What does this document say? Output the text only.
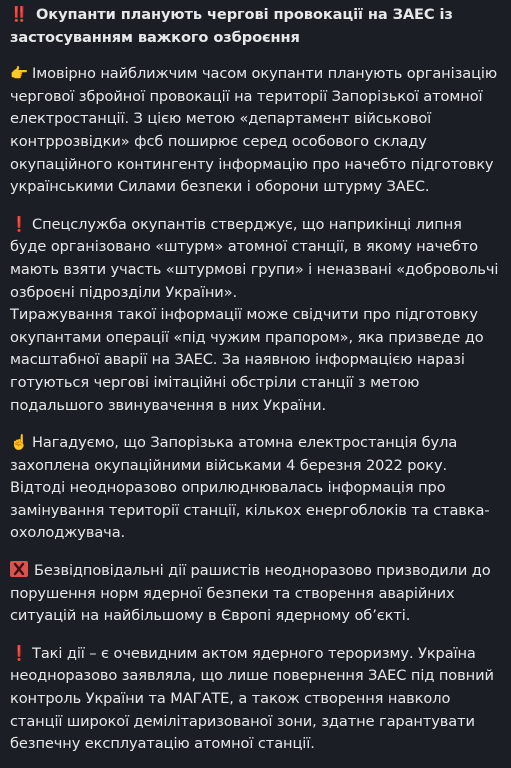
‼️ Окупанти планують чергові провокації на ЗАЕС із застосуванням важкого озброєння
👉 Імовірно найближчим часом окупанти планують організацію чергової збройної провокації на території Запорізької атомної електростанції. З цією метою «департамент військової контррозвідки» фсб поширює серед особового складу окупаційного контингенту інформацію про начебто підготовку українськими Силами безпеки і оборони штурму ЗАЕС.
❗ Спецслужба окупантів стверджує, що наприкінці липня буде організовано «штурм» атомної станції, в якому начебто мають взяти участь «штурмові групи» і неназвані «добровольчі озброєні підрозділи України».
Тиражування такої інформації може свідчити про підготовку окупантами операції «під чужим прапором», яка призведе до масштабної аварії на ЗАЕС. За наявною інформацією наразі готуються чергові імітаційні обстріли станції з метою подальшого звинувачення в них України.
☝️ Нагадуємо, що Запорізька атомна електростанція була захоплена окупаційними військами 4 березня 2022 року. Відтоді неодноразово оприлюднювалась інформація про замінування території станції, кількох енергоблоків та ставка-охолоджувача.
Безвідповідальні дії рашистів неодноразово призводили до порушення норм ядерної безпеки та створення аварійних ситуацій на найбільшому в Європі ядерному об’єкті.
❗ Такі дії – є очевидним актом ядерного тероризму. Україна неодноразово заявляла, що лише повернення ЗАЕС під повний контроль України та МАГАТЕ, а також створення навколо станції широкої демілітаризованої зони, здатне гарантувати безпечну експлуатацію атомної станції.
